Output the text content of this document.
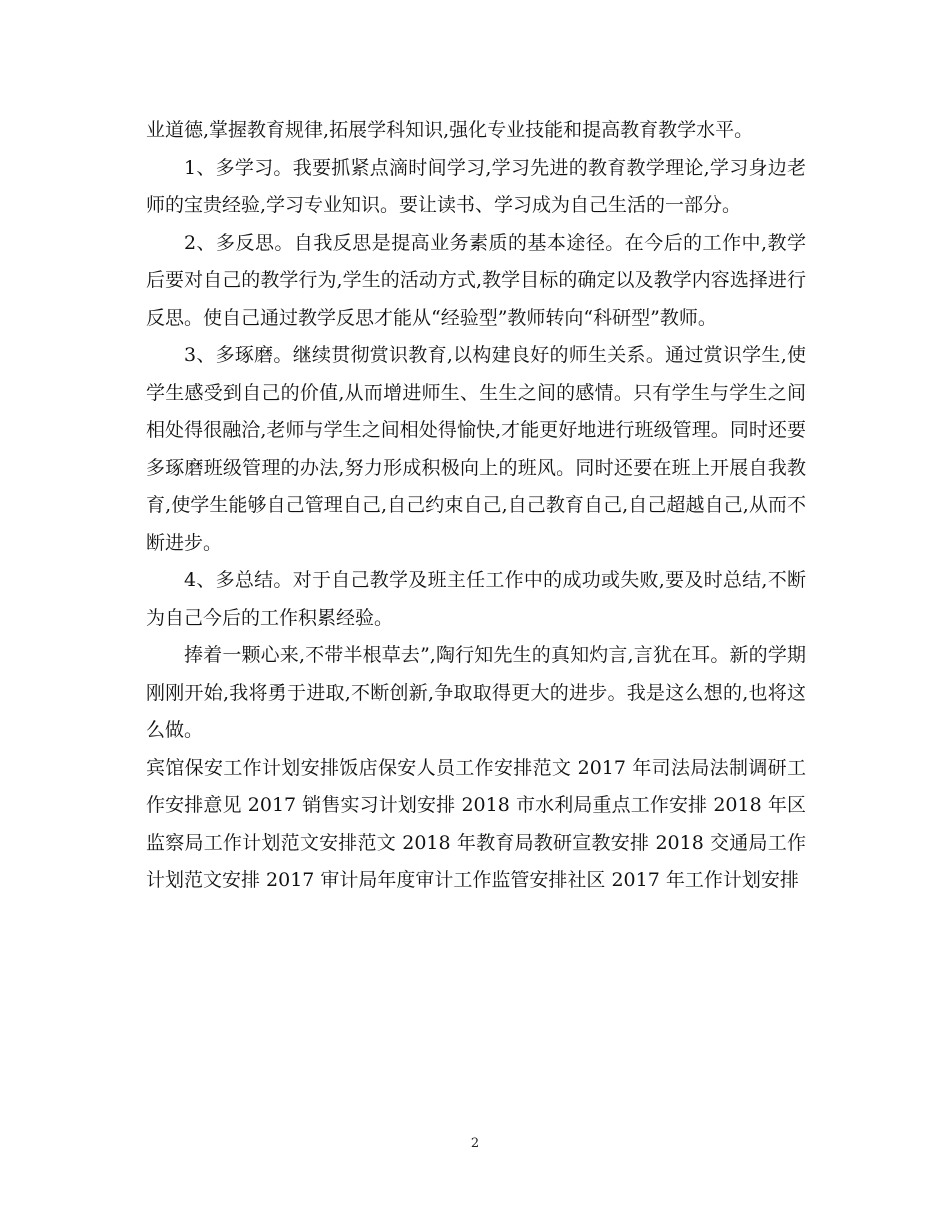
业道德,掌握教育规律,拓展学科知识,强化专业技能和提高教育教学水平。

1、多学习。我要抓紧点滴时间学习,学习先进的教育教学理论,学习身边老师的宝贵经验,学习专业知识。要让读书、学习成为自己生活的一部分。

2、多反思。自我反思是提高业务素质的基本途径。在今后的工作中,教学后要对自己的教学行为,学生的活动方式,教学目标的确定以及教学内容选择进行反思。使自己通过教学反思才能从“经验型”教师转向“科研型”教师。

3、多琢磨。继续贯彻赏识教育,以构建良好的师生关系。通过赏识学生,使学生感受到自己的价值,从而增进师生、生生之间的感情。只有学生与学生之间相处得很融洽,老师与学生之间相处得愉快,才能更好地进行班级管理。同时还要多琢磨班级管理的办法,努力形成积极向上的班风。同时还要在班上开展自我教育,使学生能够自己管理自己,自己约束自己,自己教育自己,自己超越自己,从而不断进步。

4、多总结。对于自己教学及班主任工作中的成功或失败,要及时总结,不断为自己今后的工作积累经验。

捧着一颗心来,不带半根草去”,陶行知先生的真知灼言,言犹在耳。新的学期刚刚开始,我将勇于进取,不断创新,争取取得更大的进步。我是这么想的,也将这么做。

宾馆保安工作计划安排饭店保安人员工作安排范文 2017 年司法局法制调研工作安排意见 2017 销售实习计划安排 2018 市水利局重点工作安排 2018 年区监察局工作计划范文安排范文 2018 年教育局教研宣教安排 2018 交通局工作计划范文安排 2017 审计局年度审计工作监管安排社区 2017 年工作计划安排

2
